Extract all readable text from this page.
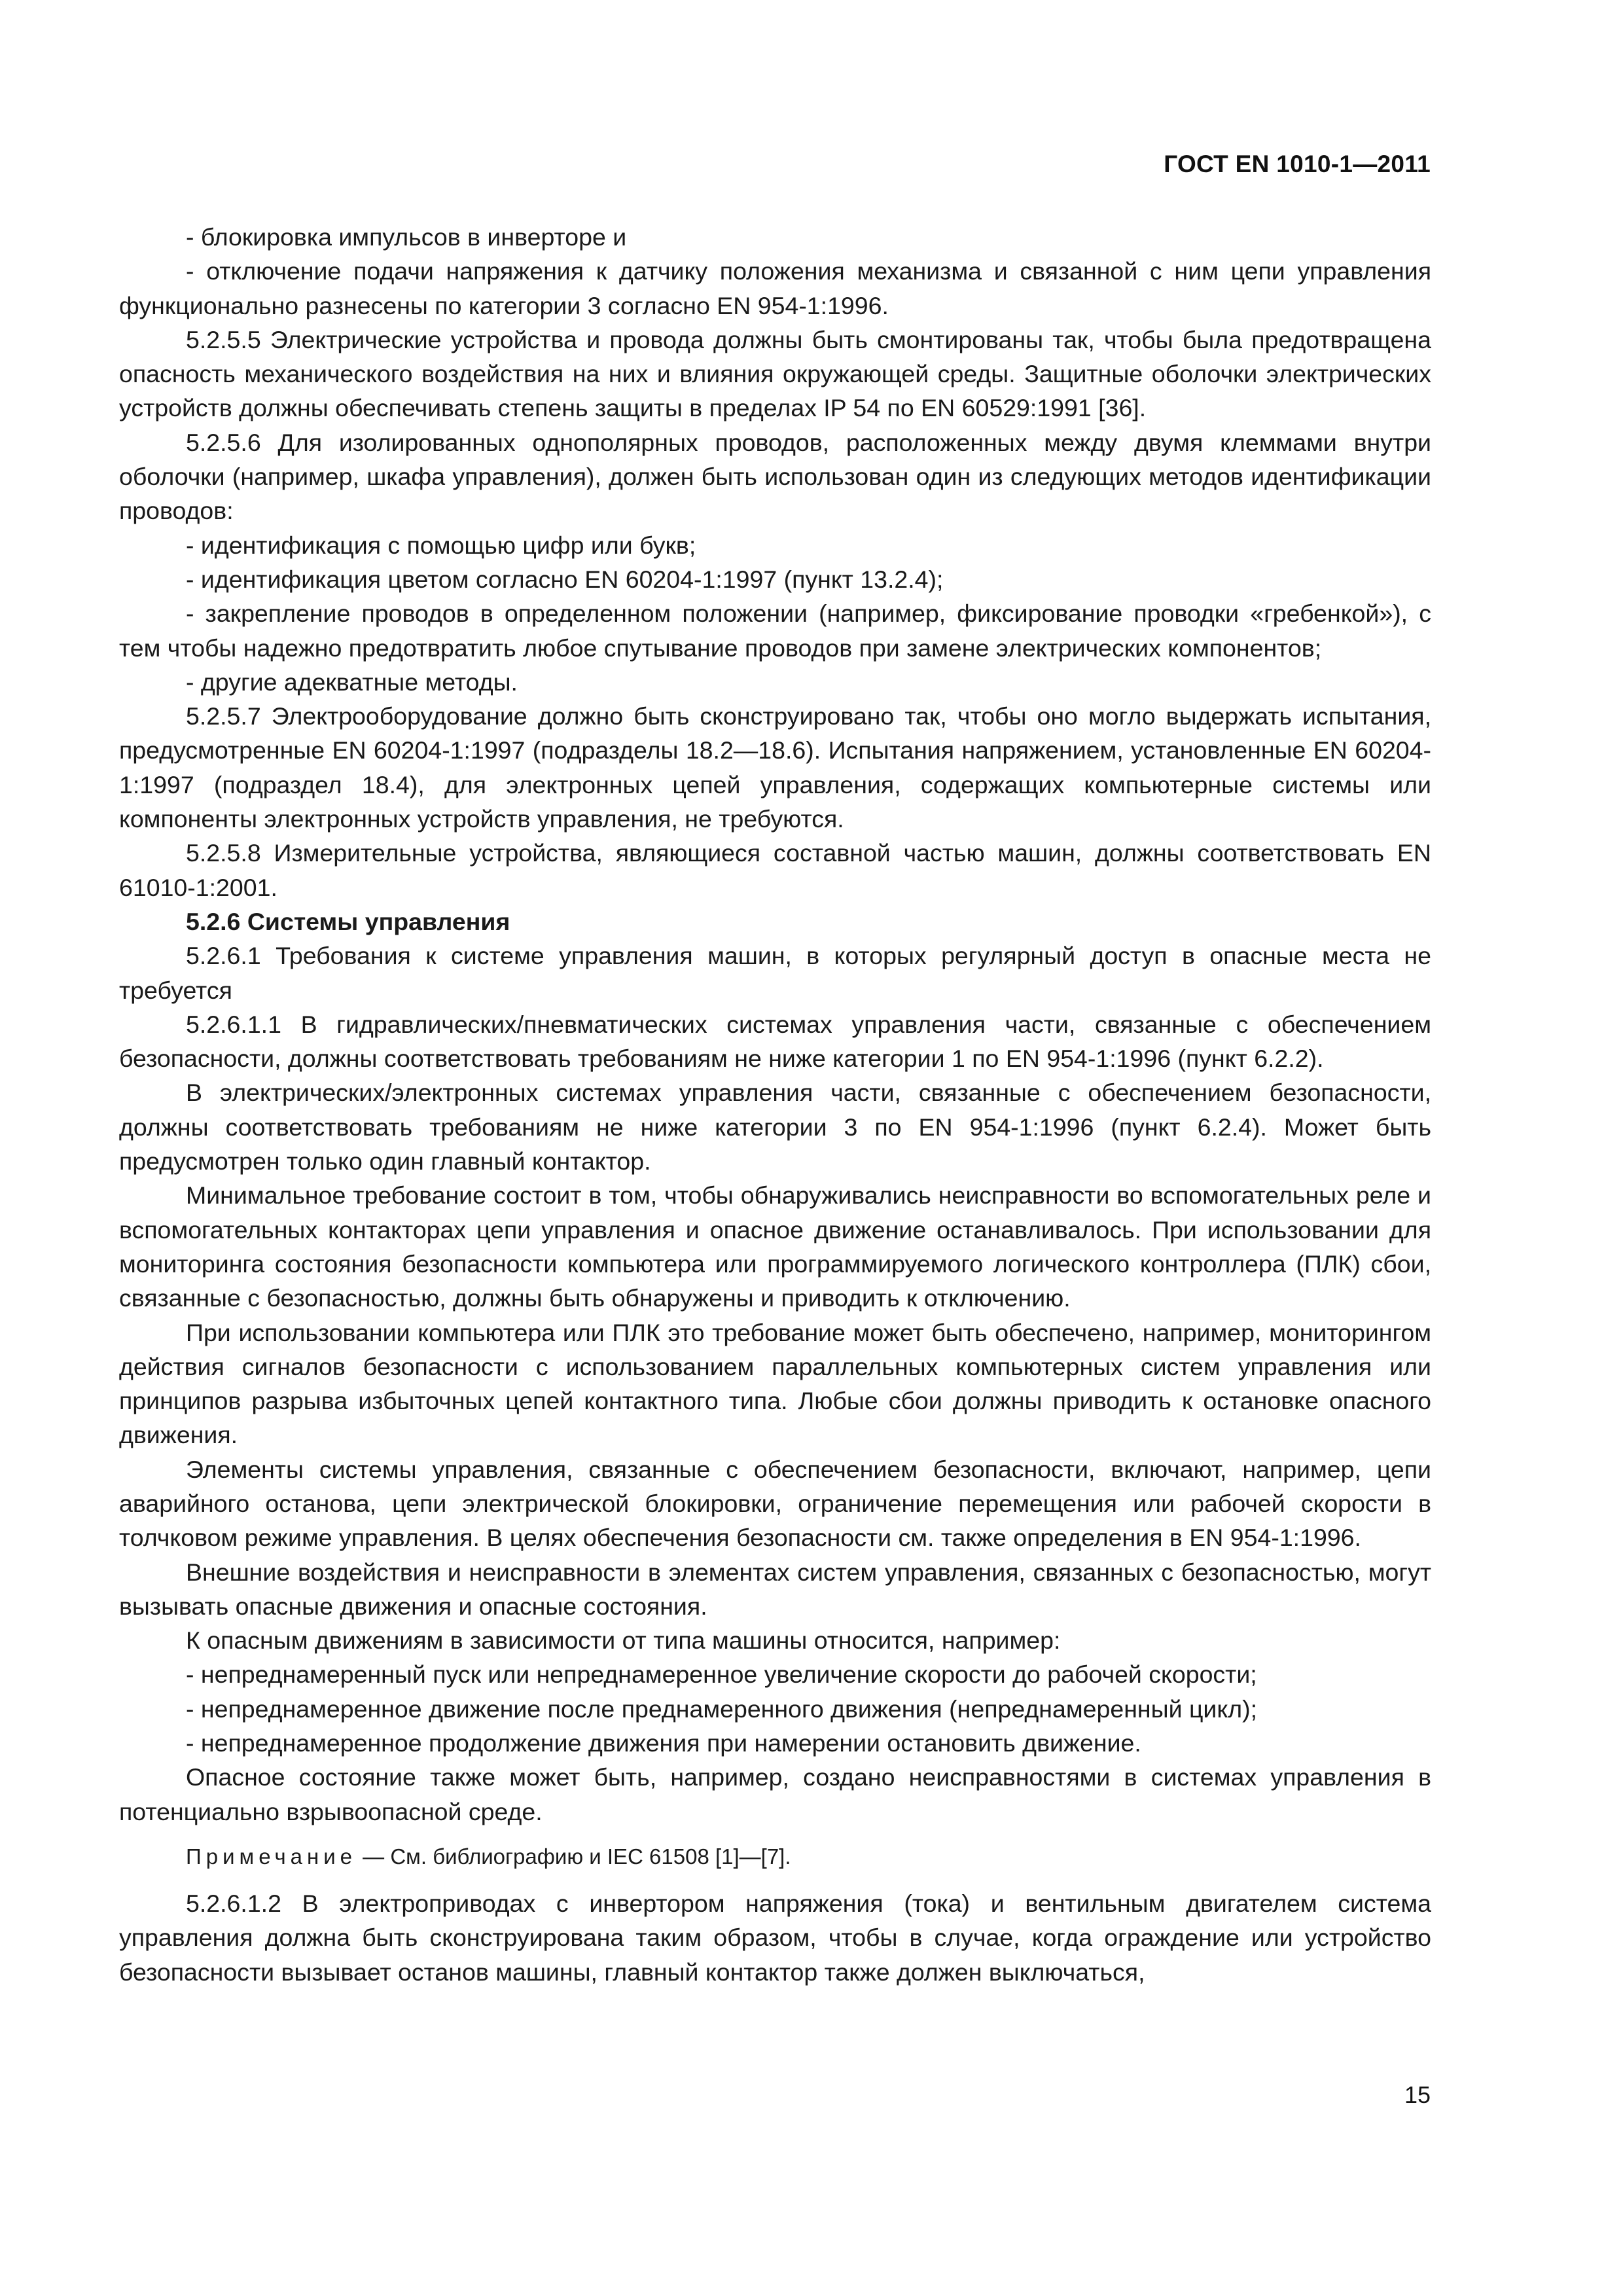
ГОСТ EN 1010-1—2011

- блокировка импульсов в инверторе и

- отключение подачи напряжения к датчику положения механизма и связанной с ним цепи управления функционально разнесены по категории 3 согласно EN 954-1:1996.

5.2.5.5 Электрические устройства и провода должны быть смонтированы так, чтобы была предотвращена опасность механического воздействия на них и влияния окружающей среды. Защитные оболочки электрических устройств должны обеспечивать степень защиты в пределах IP 54 по EN 60529:1991 [36].

5.2.5.6 Для изолированных однополярных проводов, расположенных между двумя клеммами внутри оболочки (например, шкафа управления), должен быть использован один из следующих методов идентификации проводов:

- идентификация с помощью цифр или букв;

- идентификация цветом согласно EN 60204-1:1997 (пункт 13.2.4);

- закрепление проводов в определенном положении (например, фиксирование проводки «гребенкой»), с тем чтобы надежно предотвратить любое спутывание проводов при замене электрических компонентов;

- другие адекватные методы.

5.2.5.7 Электрооборудование должно быть сконструировано так, чтобы оно могло выдержать испытания, предусмотренные EN 60204-1:1997 (подразделы 18.2—18.6). Испытания напряжением, установленные EN 60204-1:1997 (подраздел 18.4), для электронных цепей управления, содержащих компьютерные системы или компоненты электронных устройств управления, не требуются.

5.2.5.8 Измерительные устройства, являющиеся составной частью машин, должны соответствовать EN 61010-1:2001.

5.2.6 Системы управления

5.2.6.1 Требования к системе управления машин, в которых регулярный доступ в опасные места не требуется

5.2.6.1.1 В гидравлических/пневматических системах управления части, связанные с обеспечением безопасности, должны соответствовать требованиям не ниже категории 1 по EN 954-1:1996 (пункт 6.2.2).

В электрических/электронных системах управления части, связанные с обеспечением безопасности, должны соответствовать требованиям не ниже категории 3 по EN 954-1:1996 (пункт 6.2.4). Может быть предусмотрен только один главный контактор.

Минимальное требование состоит в том, чтобы обнаруживались неисправности во вспомогательных реле и вспомогательных контакторах цепи управления и опасное движение останавливалось. При использовании для мониторинга состояния безопасности компьютера или программируемого логического контроллера (ПЛК) сбои, связанные с безопасностью, должны быть обнаружены и приводить к отключению.

При использовании компьютера или ПЛК это требование может быть обеспечено, например, мониторингом действия сигналов безопасности с использованием параллельных компьютерных систем управления или принципов разрыва избыточных цепей контактного типа. Любые сбои должны приводить к остановке опасного движения.

Элементы системы управления, связанные с обеспечением безопасности, включают, например, цепи аварийного останова, цепи электрической блокировки, ограничение перемещения или рабочей скорости в толчковом режиме управления. В целях обеспечения безопасности см. также определения в EN 954-1:1996.

Внешние воздействия и неисправности в элементах систем управления, связанных с безопасностью, могут вызывать опасные движения и опасные состояния.

К опасным движениям в зависимости от типа машины относится, например:

- непреднамеренный пуск или непреднамеренное увеличение скорости до рабочей скорости;

- непреднамеренное движение после преднамеренного движения (непреднамеренный цикл);

- непреднамеренное продолжение движения при намерении остановить движение.

Опасное состояние также может быть, например, создано неисправностями в системах управления в потенциально взрывоопасной среде.

Примечание — См. библиографию и IEC 61508 [1]—[7].

5.2.6.1.2 В электроприводах с инвертором напряжения (тока) и вентильным двигателем система управления должна быть сконструирована таким образом, чтобы в случае, когда ограждение или устройство безопасности вызывает останов машины, главный контактор также должен выключаться,

15
